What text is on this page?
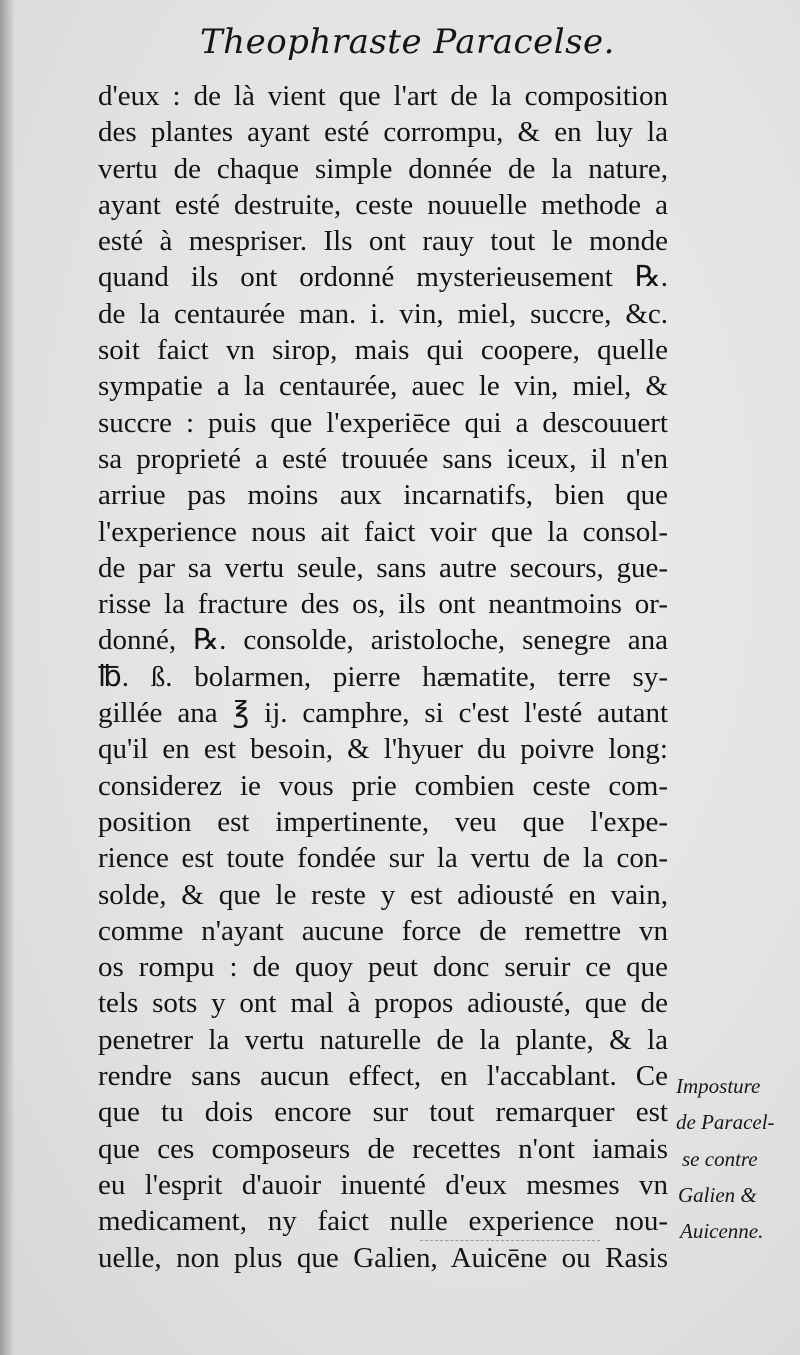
Theophraste Paracelse.
d'eux : de là vient que l'art de la composition
des plantes ayant esté corrompu, & en luy la
vertu de chaque simple donnée de la nature,
ayant esté destruite, ceste nouuelle methode a
esté à mespriser. Ils ont rauy tout le monde
quand ils ont ordonné mysterieusement ℞.
de la centaurée man. i. vin, miel, succre, &c.
soit faict vn sirop, mais qui coopere, quelle
sympatie a la centaurée, auec le vin, miel, &
succre : puis que l'experiēce qui a descouuert
sa proprieté a esté trouuée sans iceux, il n'en
arriue pas moins aux incarnatifs, bien que
l'experience nous ait faict voir que la consol-
de par sa vertu seule, sans autre secours, gue-
risse la fracture des os, ils ont neantmoins or-
donné, ℞. consolde, aristoloche, senegre ana
℔. ß. bolarmen, pierre hæmatite, terre sy-
gillée ana ℥ ij. camphre, si c'est l'esté autant
qu'il en est besoin, & l'hyuer du poivre long:
considerez ie vous prie combien ceste com-
position est impertinente, veu que l'expe-
rience est toute fondée sur la vertu de la con-
solde, & que le reste y est adiousté en vain,
comme n'ayant aucune force de remettre vn
os rompu : de quoy peut donc seruir ce que
tels sots y ont mal à propos adiousté, que de
penetrer la vertu naturelle de la plante, & la
rendre sans aucun effect, en l'accablant. Ce
que tu dois encore sur tout remarquer est
que ces composeurs de recettes n'ont iamais
eu l'esprit d'auoir inuenté d'eux mesmes vn
medicament, ny faict nulle experience nou-
uelle, non plus que Galien, Auicēne ou Rasis
Imposture
de Paracel-
se contre
Galien &
Auicenne.
